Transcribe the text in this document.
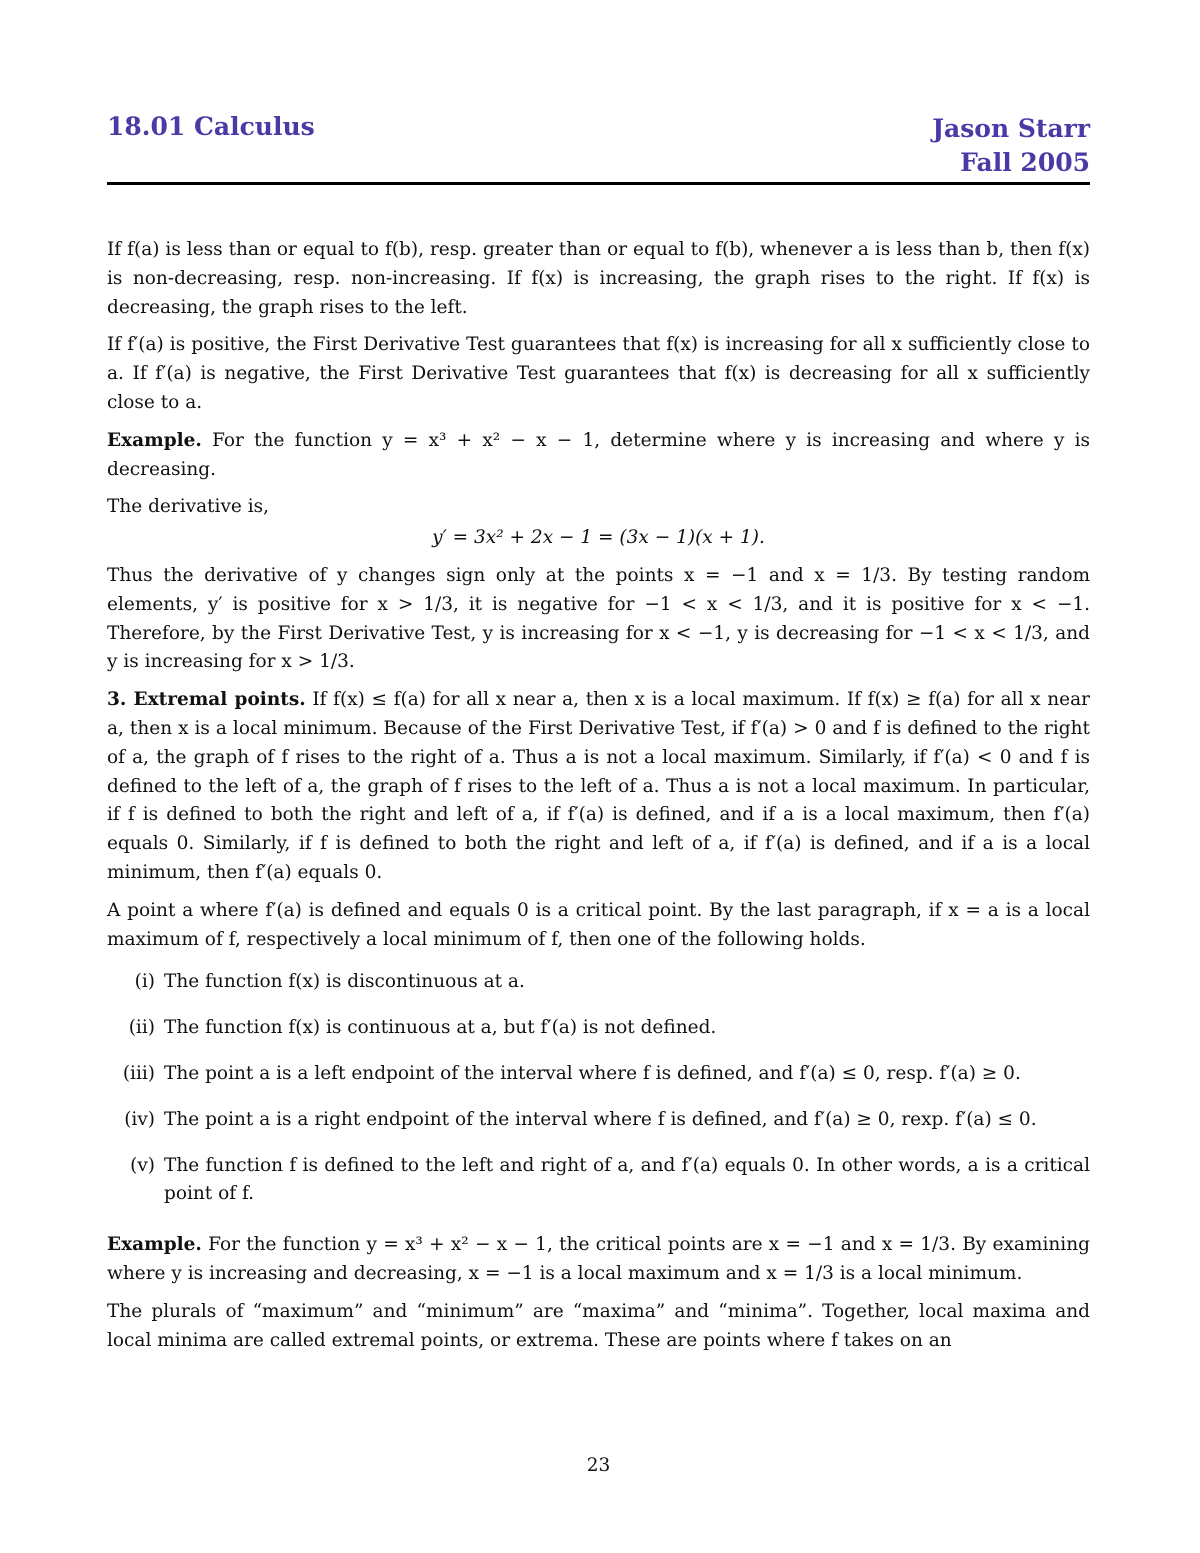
18.01 Calculus	Jason Starr
Fall 2005

If f(a) is less than or equal to f(b), resp. greater than or equal to f(b), whenever a is less than b, then f(x) is non-decreasing, resp. non-increasing. If f(x) is increasing, the graph rises to the right. If f(x) is decreasing, the graph rises to the left.

If f′(a) is positive, the First Derivative Test guarantees that f(x) is increasing for all x sufficiently close to a. If f′(a) is negative, the First Derivative Test guarantees that f(x) is decreasing for all x sufficiently close to a.

Example. For the function y = x³ + x² − x − 1, determine where y is increasing and where y is decreasing.

The derivative is,

y′ = 3x² + 2x − 1 = (3x − 1)(x + 1).

Thus the derivative of y changes sign only at the points x = −1 and x = 1/3. By testing random elements, y′ is positive for x > 1/3, it is negative for −1 < x < 1/3, and it is positive for x < −1. Therefore, by the First Derivative Test, y is increasing for x < −1, y is decreasing for −1 < x < 1/3, and y is increasing for x > 1/3.

3. Extremal points. If f(x) ≤ f(a) for all x near a, then x is a local maximum. If f(x) ≥ f(a) for all x near a, then x is a local minimum. Because of the First Derivative Test, if f′(a) > 0 and f is defined to the right of a, the graph of f rises to the right of a. Thus a is not a local maximum. Similarly, if f′(a) < 0 and f is defined to the left of a, the graph of f rises to the left of a. Thus a is not a local maximum. In particular, if f is defined to both the right and left of a, if f′(a) is defined, and if a is a local maximum, then f′(a) equals 0. Similarly, if f is defined to both the right and left of a, if f′(a) is defined, and if a is a local minimum, then f′(a) equals 0.

A point a where f′(a) is defined and equals 0 is a critical point. By the last paragraph, if x = a is a local maximum of f, respectively a local minimum of f, then one of the following holds.

(i) The function f(x) is discontinuous at a.
(ii) The function f(x) is continuous at a, but f′(a) is not defined.
(iii) The point a is a left endpoint of the interval where f is defined, and f′(a) ≤ 0, resp. f′(a) ≥ 0.
(iv) The point a is a right endpoint of the interval where f is defined, and f′(a) ≥ 0, rexp. f′(a) ≤ 0.
(v) The function f is defined to the left and right of a, and f′(a) equals 0. In other words, a is a critical point of f.

Example. For the function y = x³ + x² − x − 1, the critical points are x = −1 and x = 1/3. By examining where y is increasing and decreasing, x = −1 is a local maximum and x = 1/3 is a local minimum.

The plurals of “maximum” and “minimum” are “maxima” and “minima”. Together, local maxima and local minima are called extremal points, or extrema. These are points where f takes on an

23
